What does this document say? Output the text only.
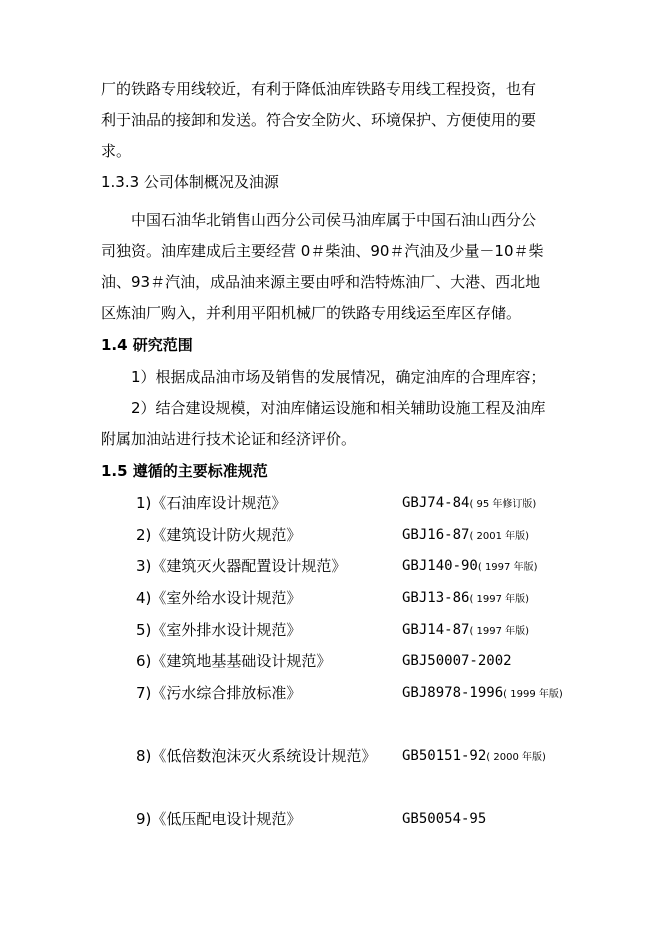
厂的铁路专用线较近，有利于降低油库铁路专用线工程投资，也有
利于油品的接卸和发送。符合安全防火、环境保护、方便使用的要
求。
1.3.3 公司体制概况及油源
中国石油华北销售山西分公司侯马油库属于中国石油山西分公
司独资。油库建成后主要经营 0＃柴油、90＃汽油及少量－10＃柴
油、93＃汽油，成品油来源主要由呼和浩特炼油厂、大港、西北地
区炼油厂购入，并利用平阳机械厂的铁路专用线运至库区存储。
1.4 研究范围
1）根据成品油市场及销售的发展情况，确定油库的合理库容；
2）结合建设规模，对油库储运设施和相关辅助设施工程及油库
附属加油站进行技术论证和经济评价。
1.5 遵循的主要标准规范
1)《石油库设计规范》	GBJ74-84( 95 年修订版)
2)《建筑设计防火规范》	GBJ16-87( 2001 年版)
3)《建筑灭火器配置设计规范》	GBJ140-90( 1997 年版)
4)《室外给水设计规范》	GBJ13-86( 1997 年版)
5)《室外排水设计规范》	GBJ14-87( 1997 年版)
6)《建筑地基基础设计规范》	GBJ50007-2002
7)《污水综合排放标准》	GBJ8978-1996( 1999 年版)
8)《低倍数泡沫灭火系统设计规范》 GB50151-92( 2000 年版)
9)《低压配电设计规范》	GB50054-95
